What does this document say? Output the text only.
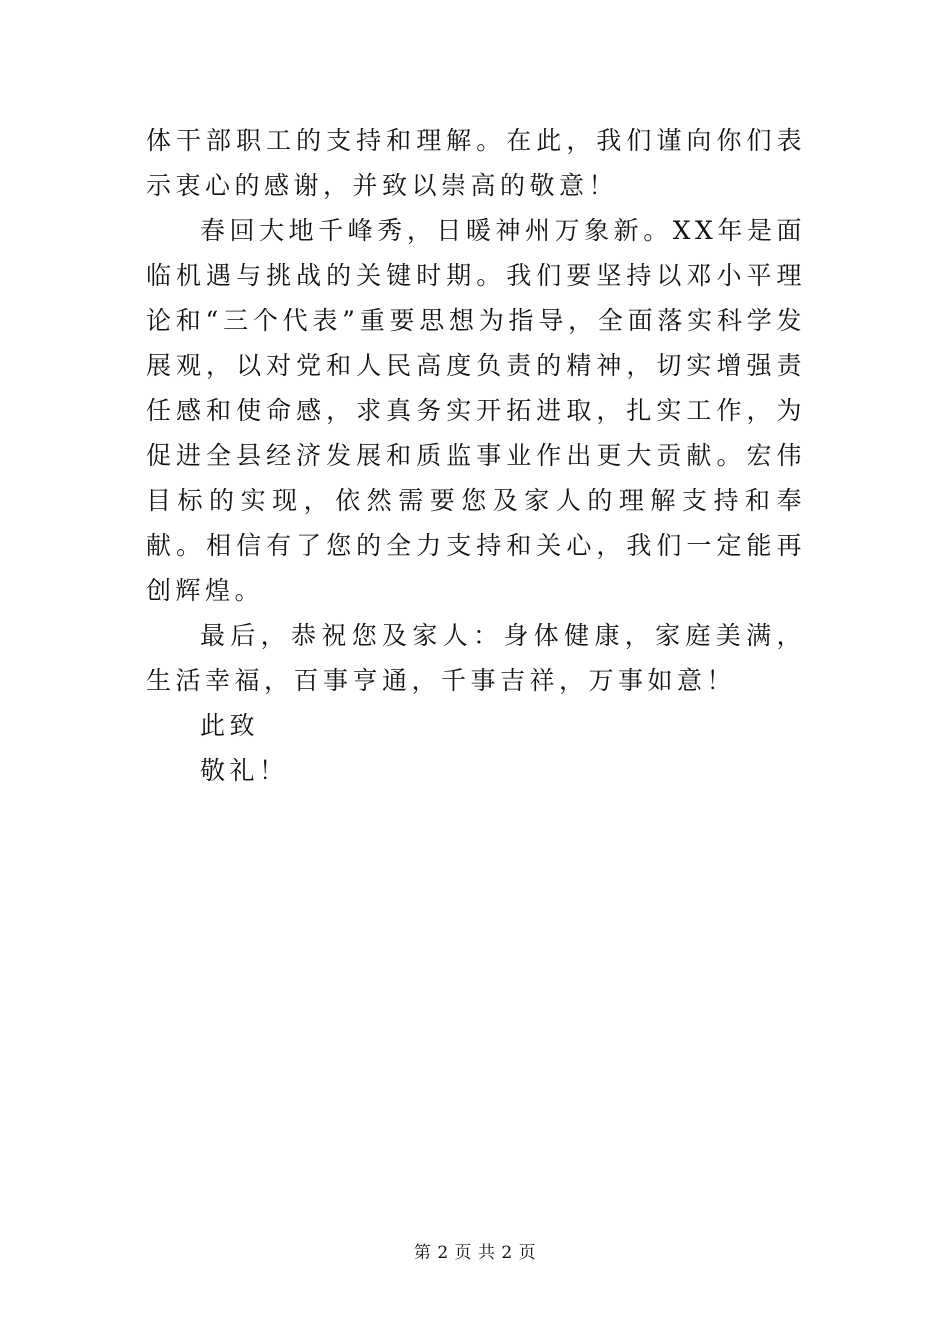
体干部职工的支持和理解。在此，我们谨向你们表示衷心的感谢，并致以崇高的敬意！

春回大地千峰秀，日暖神州万象新。XX年是面临机遇与挑战的关键时期。我们要坚持以邓小平理论和“三个代表”重要思想为指导，全面落实科学发展观，以对党和人民高度负责的精神，切实增强责任感和使命感，求真务实开拓进取，扎实工作，为促进全县经济发展和质监事业作出更大贡献。宏伟目标的实现，依然需要您及家人的理解支持和奉献。相信有了您的全力支持和关心，我们一定能再创辉煌。

最后，恭祝您及家人：身体健康，家庭美满，生活幸福，百事亨通，千事吉祥，万事如意！

此致

敬礼！

第 2 页 共 2 页
